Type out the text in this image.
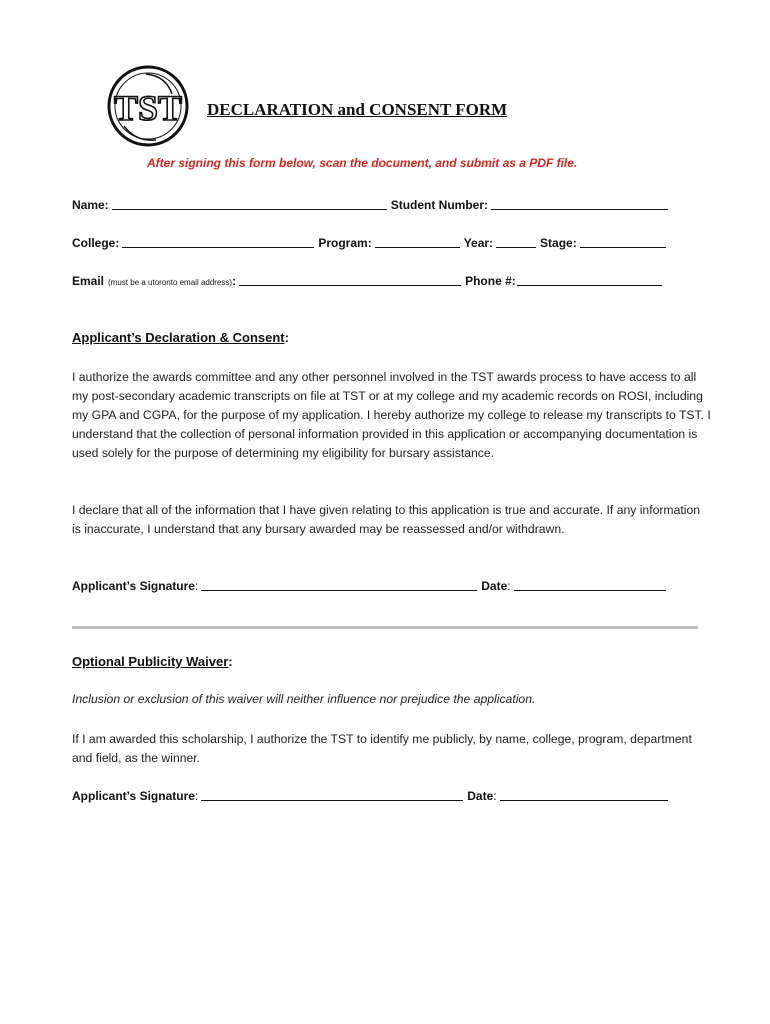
TST DECLARATION and CONSENT FORM
After signing this form below, scan the document, and submit as a PDF file.
Name:	Student Number:
College:	Program:	Year:	Stage:
Email (must be a utoronto email address) :	Phone #:
Applicant’s Declaration & Consent:
I authorize the awards committee and any other personnel involved in the TST awards process to have access to all my post-secondary academic transcripts on file at TST or at my college and my academic records on ROSI, including my GPA and CGPA, for the purpose of my application. I hereby authorize my college to release my transcripts to TST. I understand that the collection of personal information provided in this application or accompanying documentation is used solely for the purpose of determining my eligibility for bursary assistance.
I declare that all of the information that I have given relating to this application is true and accurate. If any information is inaccurate, I understand that any bursary awarded may be reassessed and/or withdrawn.
Applicant’s Signature :	Date :
Optional Publicity Waiver:
Inclusion or exclusion of this waiver will neither influence nor prejudice the application.
If I am awarded this scholarship, I authorize the TST to identify me publicly, by name, college, program, department and field, as the winner.
Applicant’s Signature :	Date :
